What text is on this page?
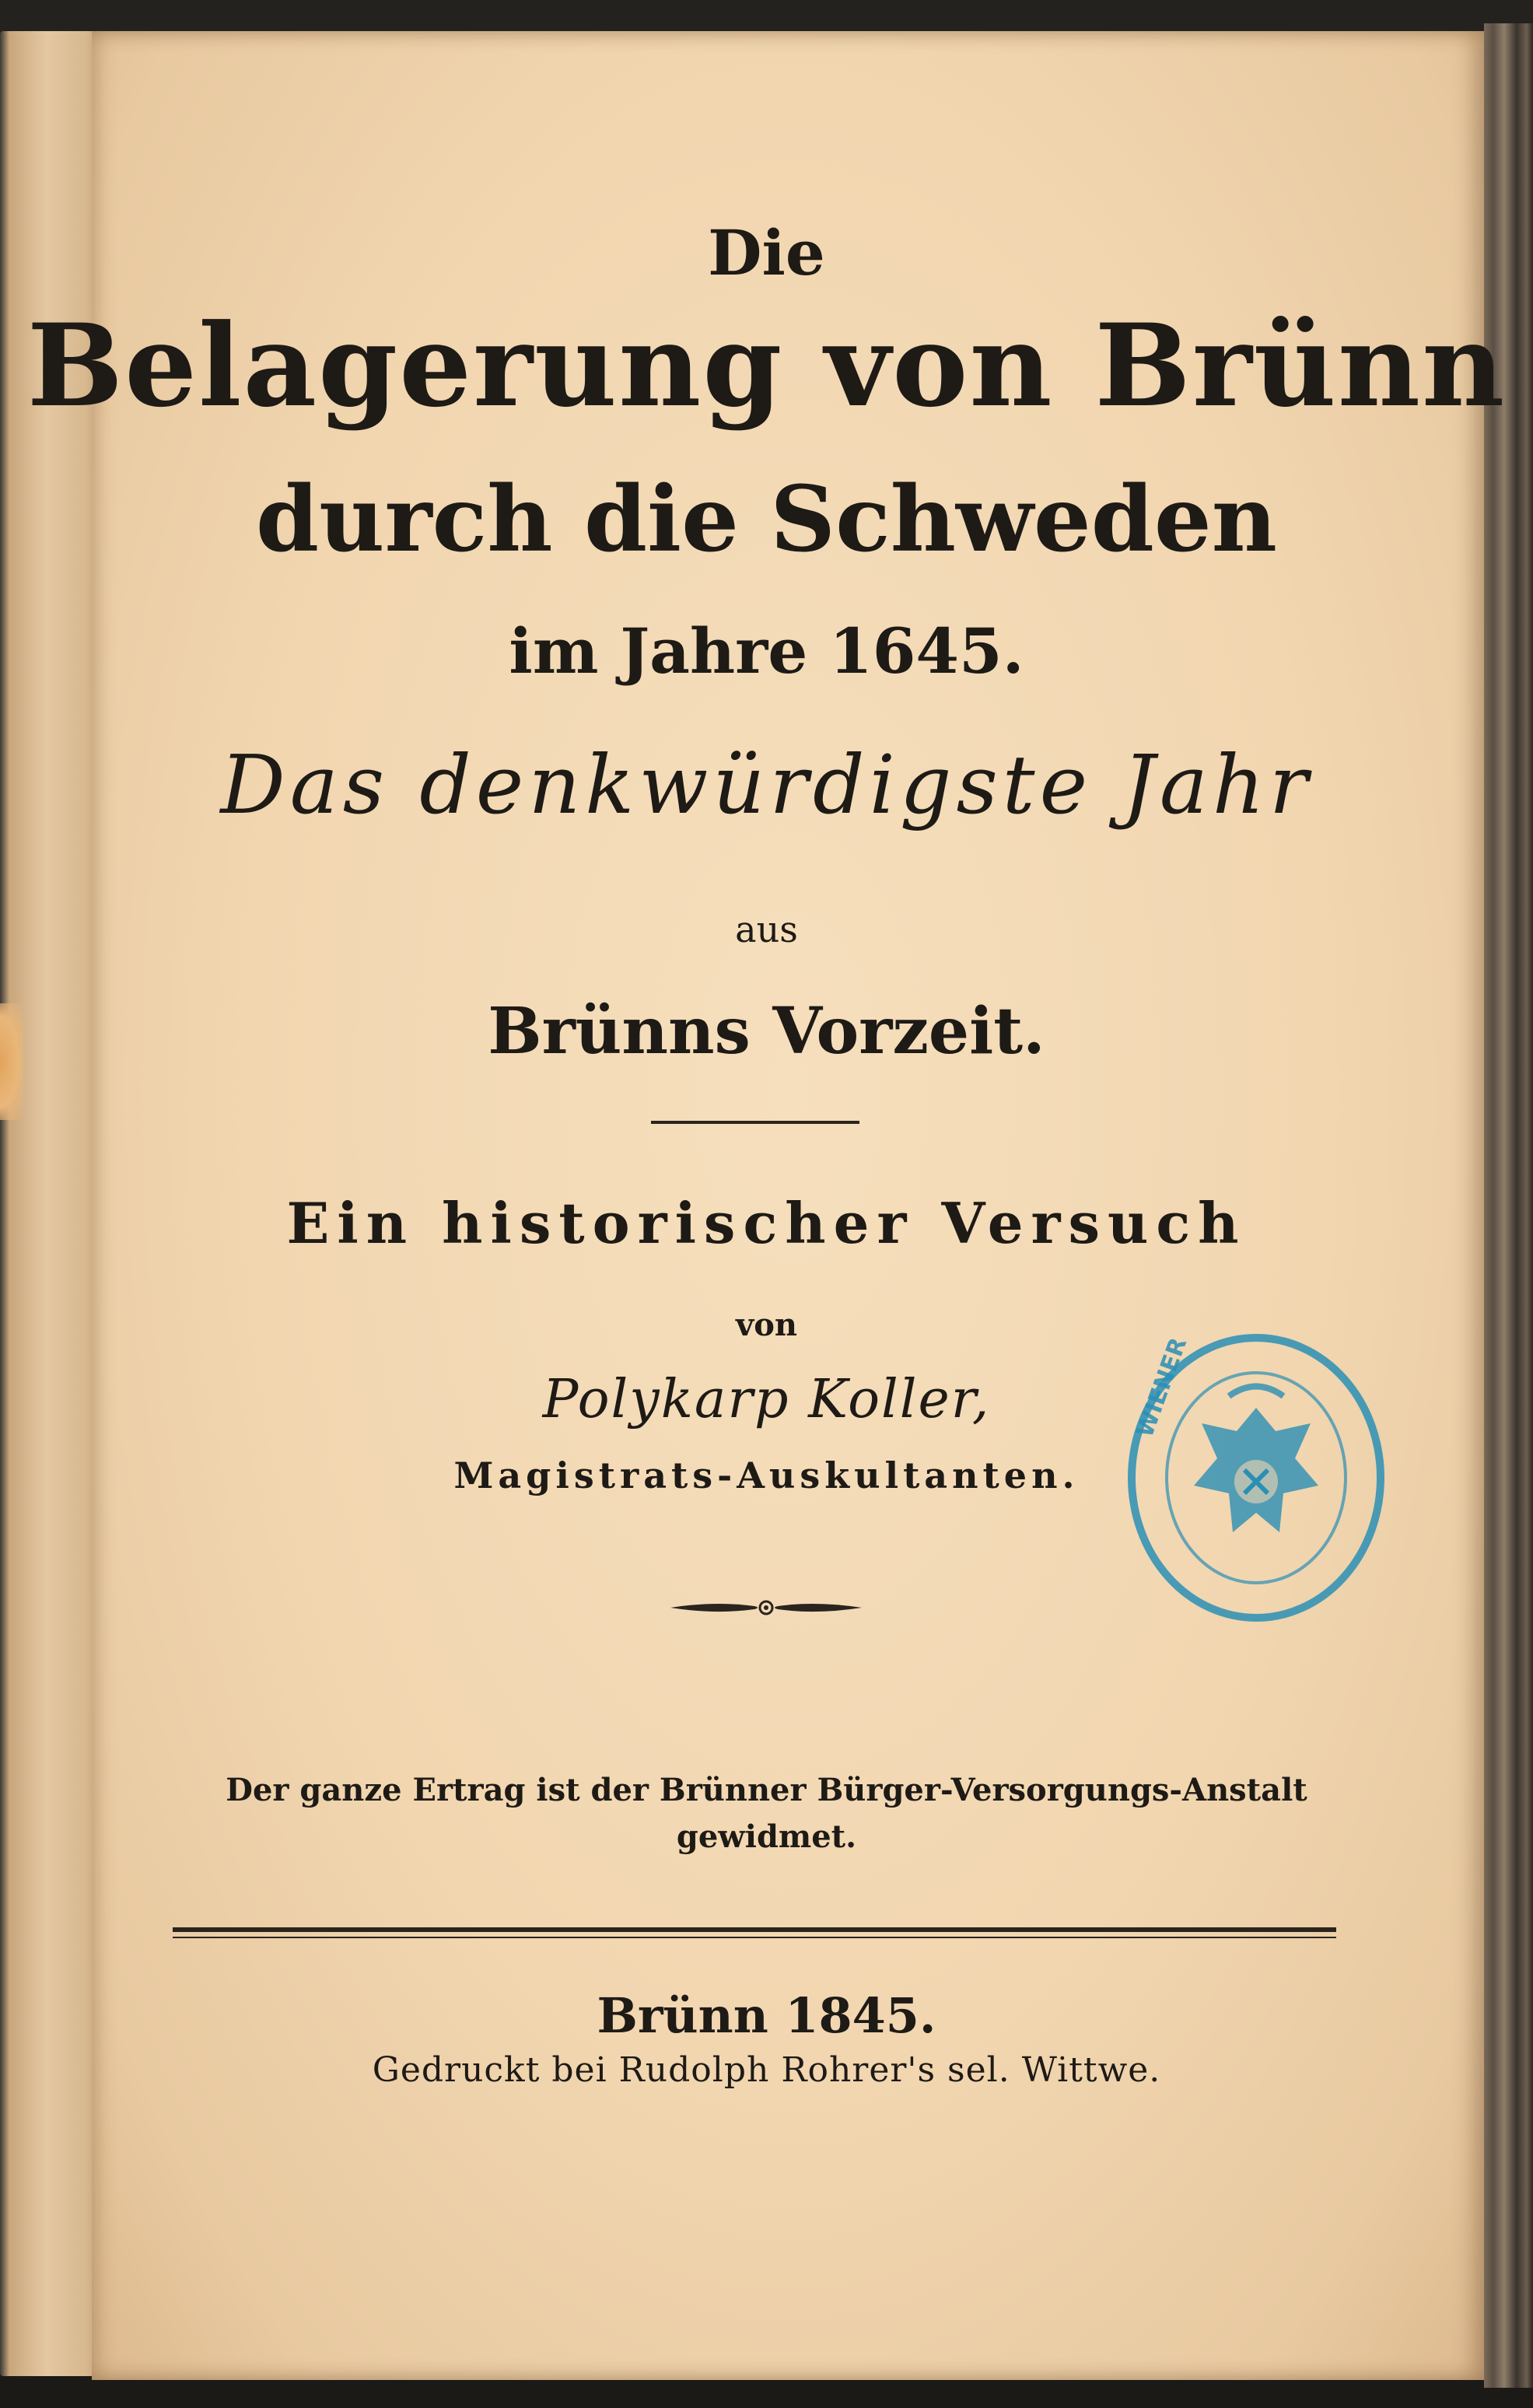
Die
Belagerung von Brünn
durch die Schweden
im Jahre 1645.
Das denkwürdigste Jahr
aus
Brünns Vorzeit.
Ein historischer Versuch
von
Polykarp Koller,
Magistrats-Auskultanten.
WIENER
Der ganze Ertrag ist der Brünner Bürger-Versorgungs-Anstalt
gewidmet.
Brünn 1845.
Gedruckt bei Rudolph Rohrer's sel. Wittwe.
